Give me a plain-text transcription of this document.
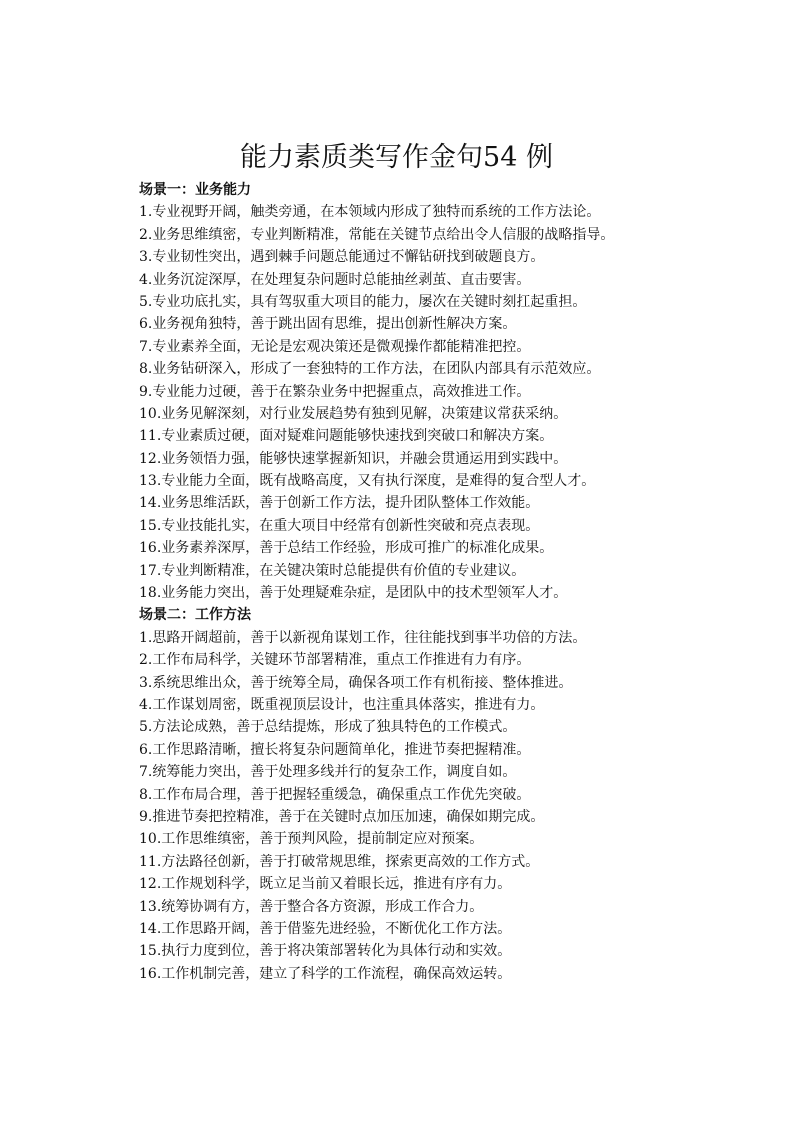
能力素质类写作金句54 例
场景一：业务能力
1.专业视野开阔，触类旁通，在本领域内形成了独特而系统的工作方法论。
2.业务思维缜密，专业判断精准，常能在关键节点给出令人信服的战略指导。
3.专业韧性突出，遇到棘手问题总能通过不懈钻研找到破题良方。
4.业务沉淀深厚，在处理复杂问题时总能抽丝剥茧、直击要害。
5.专业功底扎实，具有驾驭重大项目的能力，屡次在关键时刻扛起重担。
6.业务视角独特，善于跳出固有思维，提出创新性解决方案。
7.专业素养全面，无论是宏观决策还是微观操作都能精准把控。
8.业务钻研深入，形成了一套独特的工作方法，在团队内部具有示范效应。
9.专业能力过硬，善于在繁杂业务中把握重点，高效推进工作。
10.业务见解深刻，对行业发展趋势有独到见解，决策建议常获采纳。
11.专业素质过硬，面对疑难问题能够快速找到突破口和解决方案。
12.业务领悟力强，能够快速掌握新知识，并融会贯通运用到实践中。
13.专业能力全面，既有战略高度，又有执行深度，是难得的复合型人才。
14.业务思维活跃，善于创新工作方法，提升团队整体工作效能。
15.专业技能扎实，在重大项目中经常有创新性突破和亮点表现。
16.业务素养深厚，善于总结工作经验，形成可推广的标准化成果。
17.专业判断精准，在关键决策时总能提供有价值的专业建议。
18.业务能力突出，善于处理疑难杂症，是团队中的技术型领军人才。
场景二：工作方法
1.思路开阔超前，善于以新视角谋划工作，往往能找到事半功倍的方法。
2.工作布局科学，关键环节部署精准，重点工作推进有力有序。
3.系统思维出众，善于统筹全局，确保各项工作有机衔接、整体推进。
4.工作谋划周密，既重视顶层设计，也注重具体落实，推进有力。
5.方法论成熟，善于总结提炼，形成了独具特色的工作模式。
6.工作思路清晰，擅长将复杂问题简单化，推进节奏把握精准。
7.统筹能力突出，善于处理多线并行的复杂工作，调度自如。
8.工作布局合理，善于把握轻重缓急，确保重点工作优先突破。
9.推进节奏把控精准，善于在关键时点加压加速，确保如期完成。
10.工作思维缜密，善于预判风险，提前制定应对预案。
11.方法路径创新，善于打破常规思维，探索更高效的工作方式。
12.工作规划科学，既立足当前又着眼长远，推进有序有力。
13.统筹协调有方，善于整合各方资源，形成工作合力。
14.工作思路开阔，善于借鉴先进经验，不断优化工作方法。
15.执行力度到位，善于将决策部署转化为具体行动和实效。
16.工作机制完善，建立了科学的工作流程，确保高效运转。
